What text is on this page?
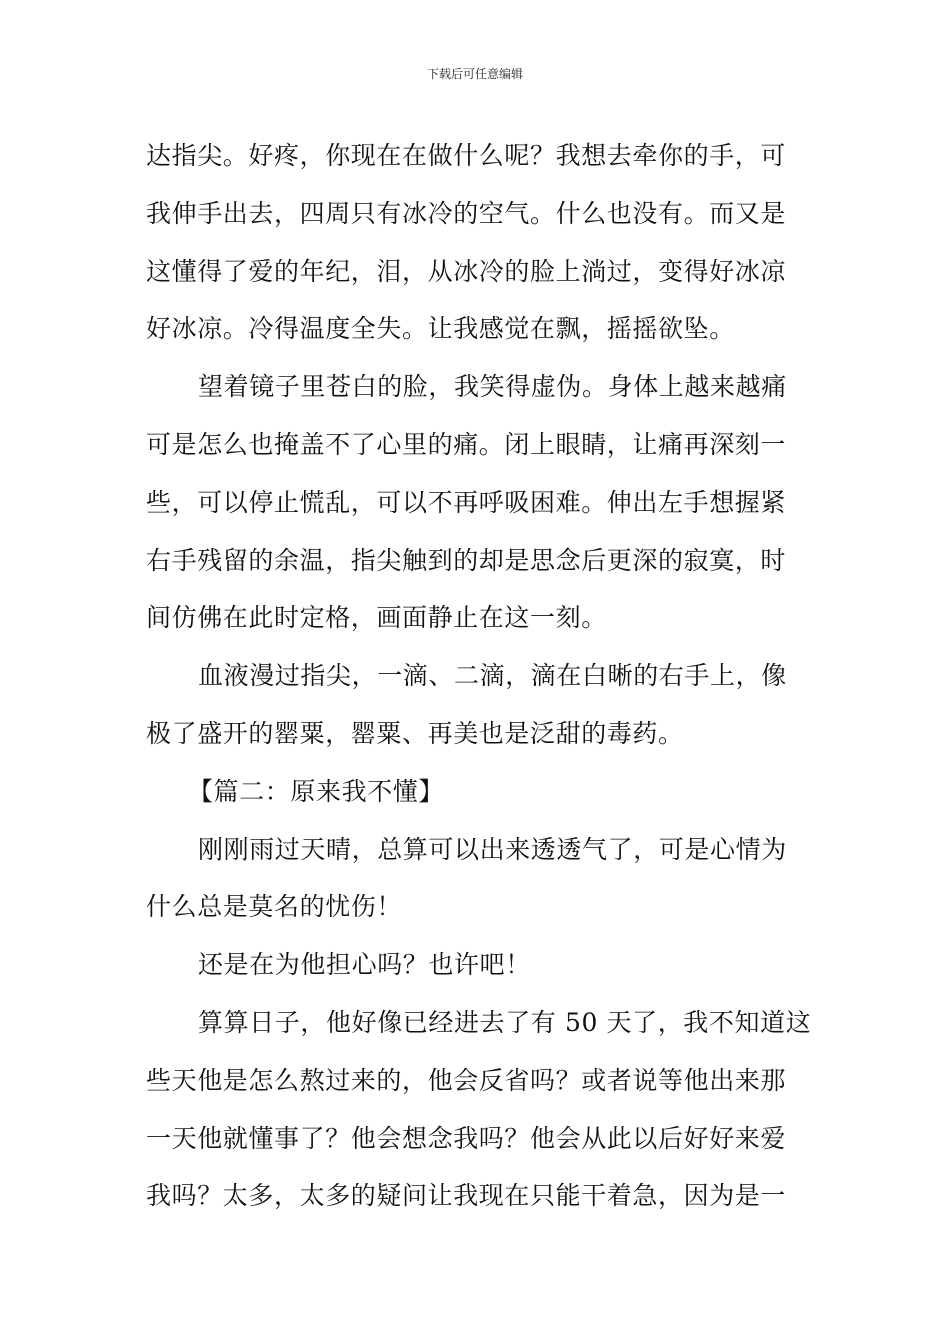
下载后可任意编辑
达指尖。好疼，你现在在做什么呢？我想去牵你的手，可
我伸手出去，四周只有冰冷的空气。什么也没有。而又是
这懂得了爱的年纪，泪，从冰冷的脸上淌过，变得好冰凉
好冰凉。冷得温度全失。让我感觉在飘，摇摇欲坠。
望着镜子里苍白的脸，我笑得虚伪。身体上越来越痛
可是怎么也掩盖不了心里的痛。闭上眼睛，让痛再深刻一
些，可以停止慌乱，可以不再呼吸困难。伸出左手想握紧
右手残留的余温，指尖触到的却是思念后更深的寂寞，时
间仿佛在此时定格，画面静止在这一刻。
血液漫过指尖，一滴、二滴，滴在白晰的右手上，像
极了盛开的罂粟，罂粟、再美也是泛甜的毒药。
【篇二：原来我不懂】
刚刚雨过天晴，总算可以出来透透气了，可是心情为
什么总是莫名的忧伤！
还是在为他担心吗？也许吧！
算算日子，他好像已经进去了有 50 天了，我不知道这
些天他是怎么熬过来的，他会反省吗？或者说等他出来那
一天他就懂事了？他会想念我吗？他会从此以后好好来爱
我吗？太多，太多的疑问让我现在只能干着急，因为是一
